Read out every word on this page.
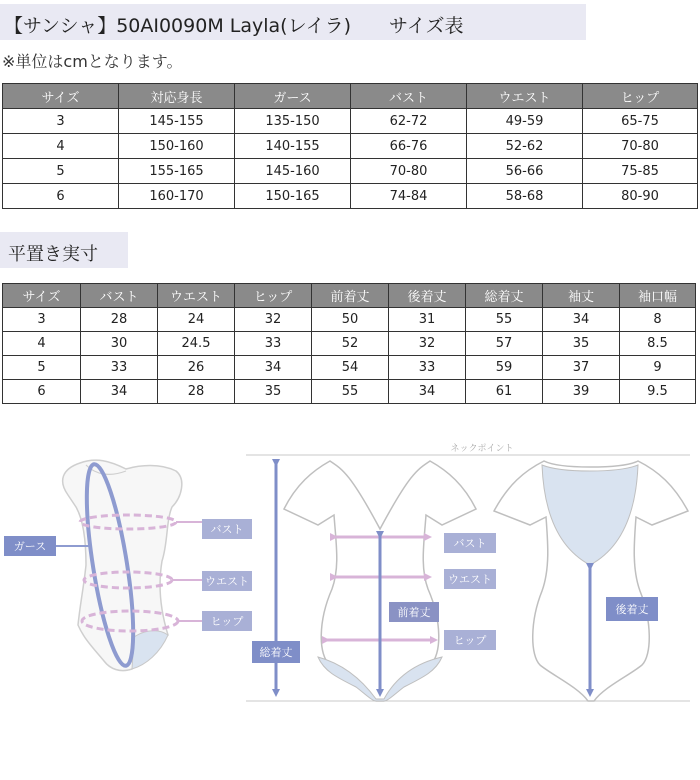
【サンシャ】50AI0090M Layla(レイラ)　　サイズ表
※単位はcmとなります。
サイズ	対応身長	ガース	バスト	ウエスト	ヒップ
3	145-155	135-150	62-72	49-59	65-75
4	150-160	140-155	66-76	52-62	70-80
5	155-165	145-160	70-80	56-66	75-85
6	160-170	150-165	74-84	58-68	80-90
平置き実寸
サイズ	バスト	ウエスト	ヒップ	前着丈	後着丈	総着丈	袖丈	袖口幅
3	28	24	32	50	31	55	34	8
4	30	24.5	33	52	32	57	35	8.5
5	33	26	34	54	33	59	37	9
6	34	28	35	55	34	61	39	9.5
ガース
バスト
ウエスト
ヒップ
ネックポイント
総着丈
前着丈
バスト
ウエスト
ヒップ
後着丈
